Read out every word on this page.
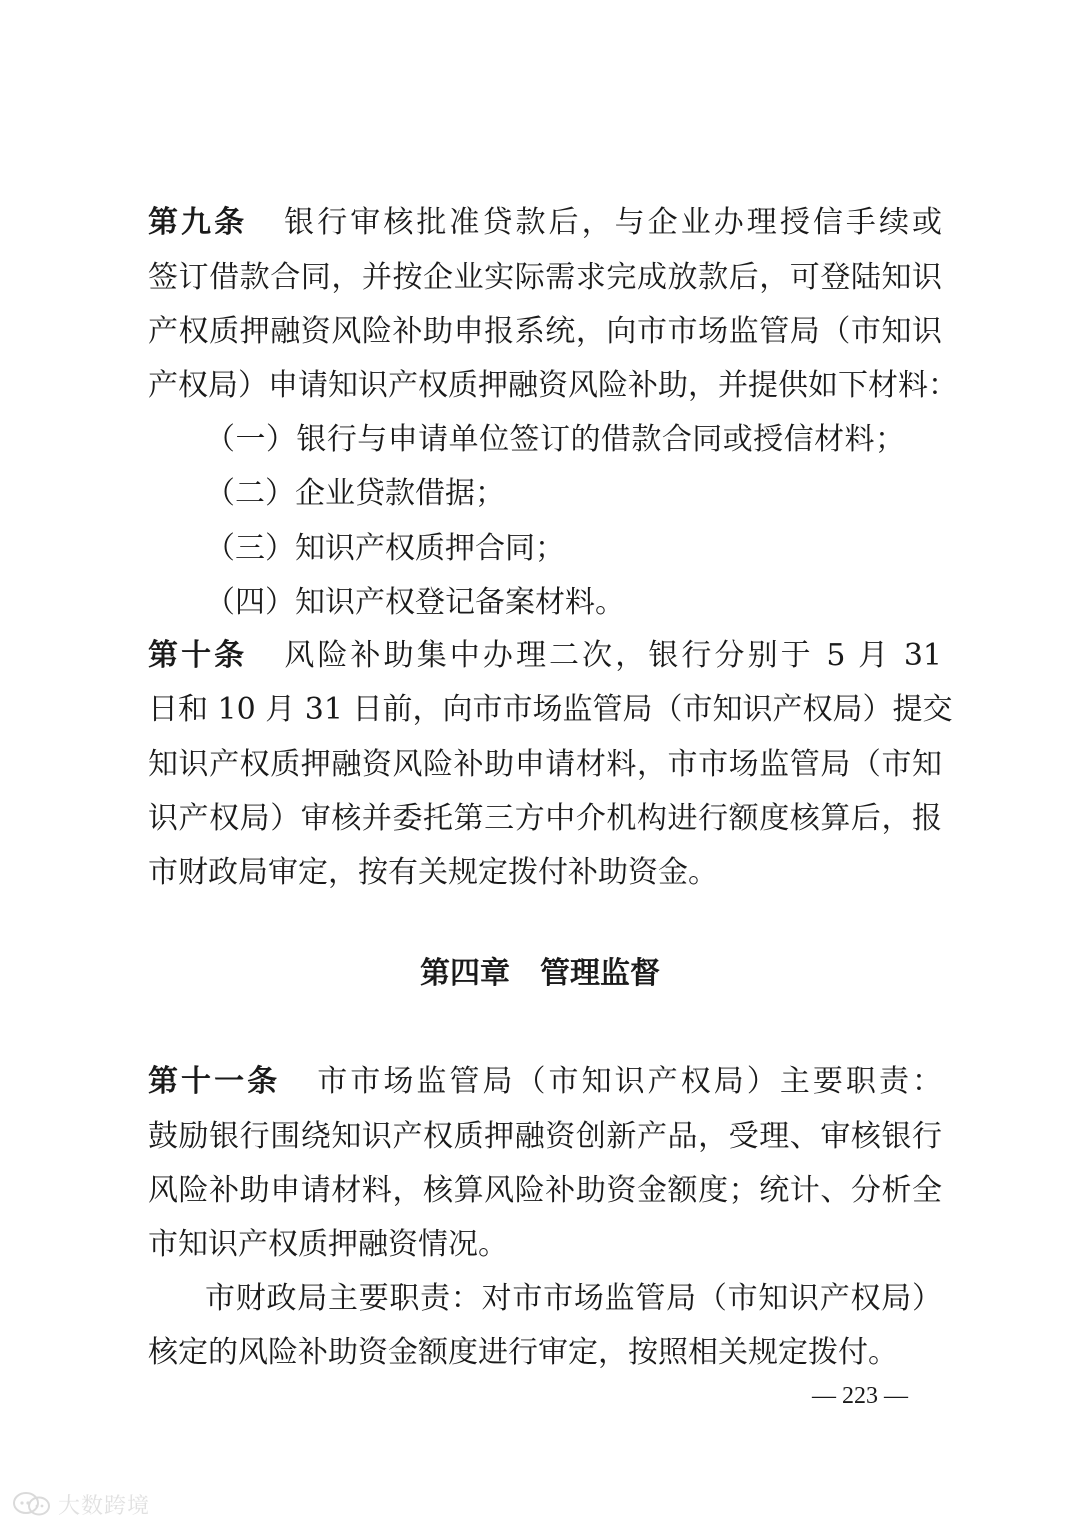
第九条 银行审核批准贷款后，与企业办理授信手续或
签订借款合同，并按企业实际需求完成放款后，可登陆知识
产权质押融资风险补助申报系统，向市市场监管局（市知识
产权局）申请知识产权质押融资风险补助，并提供如下材料：
（一）银行与申请单位签订的借款合同或授信材料；
（二）企业贷款借据；
（三）知识产权质押合同；
（四）知识产权登记备案材料。
第十条 风险补助集中办理二次，银行分别于 5 月 31
日和 10 月 31 日前，向市市场监管局（市知识产权局）提交
知识产权质押融资风险补助申请材料，市市场监管局（市知
识产权局）审核并委托第三方中介机构进行额度核算后，报
市财政局审定，按有关规定拨付补助资金。
第四章 管理监督
第十一条 市市场监管局（市知识产权局）主要职责：
鼓励银行围绕知识产权质押融资创新产品，受理、审核银行
风险补助申请材料，核算风险补助资金额度；统计、分析全
市知识产权质押融资情况。
市财政局主要职责：对市市场监管局（市知识产权局）
核定的风险补助资金额度进行审定，按照相关规定拨付。
— 223 —
大数跨境
